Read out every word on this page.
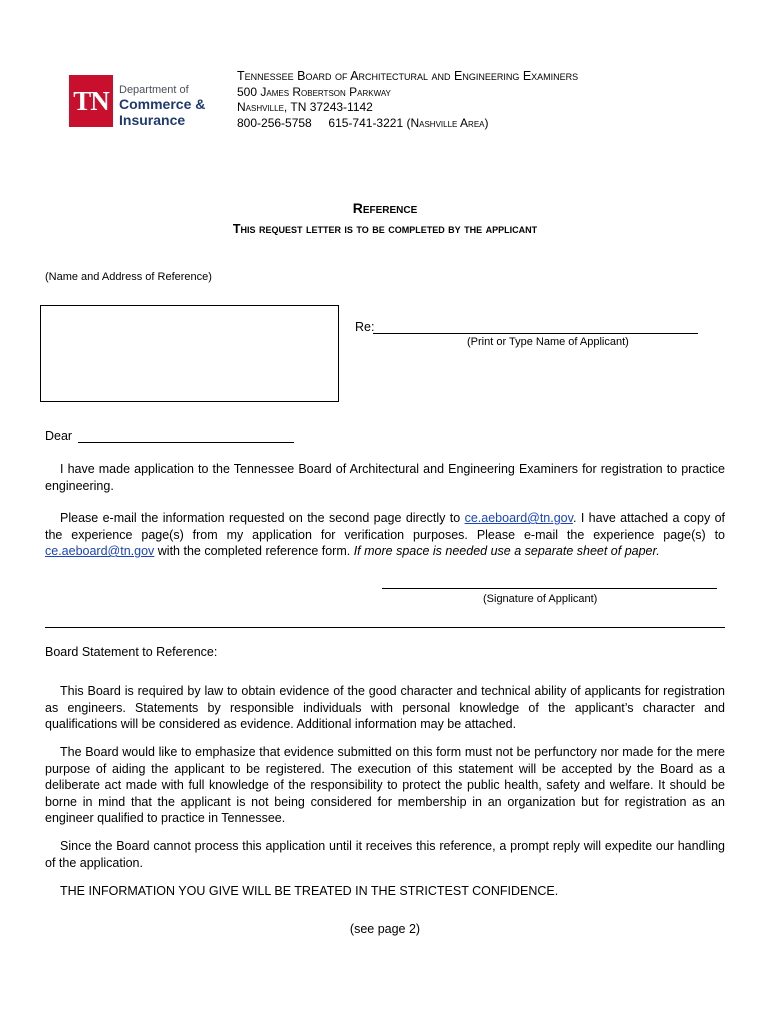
TN Department of
Commerce &
Insurance
Tennessee Board of Architectural and Engineering Examiners
500 James Robertson Parkway
Nashville, TN 37243-1142
800-256-5758     615-741-3221 (Nashville Area)
Reference
This request letter is to be completed by the applicant
(Name and Address of Reference)
Re:
(Print or Type Name of Applicant)
Dear
I have made application to the Tennessee Board of Architectural and Engineering Examiners for registration to practice engineering.
Please e-mail the information requested on the second page directly to ce.aeboard@tn.gov. I have attached a copy of the experience page(s) from my application for verification purposes. Please e-mail the experience page(s) to ce.aeboard@tn.gov with the completed reference form. If more space is needed use a separate sheet of paper.
(Signature of Applicant)
Board Statement to Reference:
This Board is required by law to obtain evidence of the good character and technical ability of applicants for registration as engineers. Statements by responsible individuals with personal knowledge of the applicant’s character and qualifications will be considered as evidence. Additional information may be attached.
The Board would like to emphasize that evidence submitted on this form must not be perfunctory nor made for the mere purpose of aiding the applicant to be registered. The execution of this statement will be accepted by the Board as a deliberate act made with full knowledge of the responsibility to protect the public health, safety and welfare. It should be borne in mind that the applicant is not being considered for membership in an organization but for registration as an engineer qualified to practice in Tennessee.
Since the Board cannot process this application until it receives this reference, a prompt reply will expedite our handling of the application.
THE INFORMATION YOU GIVE WILL BE TREATED IN THE STRICTEST CONFIDENCE.
(see page 2)
